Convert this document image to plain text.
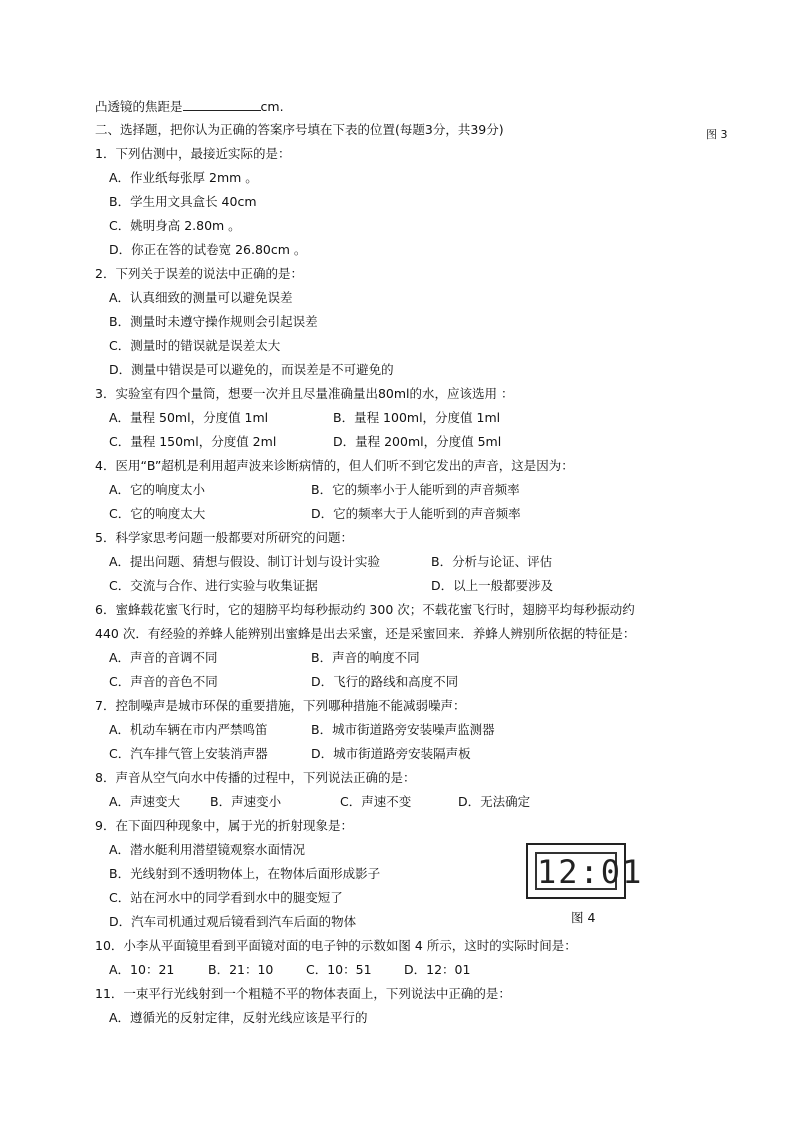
凸透镜的焦距是	cm.
二、选择题，把你认为正确的答案序号填在下表的位置(每题3分，共39分)	图 3
1．下列估测中，最接近实际的是：
A．作业纸每张厚 2mm 。
B．学生用文具盒长 40cm
C．姚明身高 2.80m 。
D．你正在答的试卷宽 26.80cm 。
2．下列关于误差的说法中正确的是：
A．认真细致的测量可以避免误差
B．测量时未遵守操作规则会引起误差
C．测量时的错误就是误差太大
D．测量中错误是可以避免的，而误差是不可避免的
3．实验室有四个量筒，想要一次并且尽量准确量出80ml的水，应该选用 ：
A．量程 50ml，分度值 1ml	B．量程 100ml，分度值 1ml
C．量程 150ml，分度值 2ml	D．量程 200ml，分度值 5ml
4．医用“B”超机是利用超声波来诊断病情的，但人们听不到它发出的声音，这是因为：
A．它的响度太小	B．它的频率小于人能听到的声音频率
C．它的响度太大	D．它的频率大于人能听到的声音频率
5．科学家思考问题一般都要对所研究的问题：
A．提出问题、猜想与假设、制订计划与设计实验	B．分析与论证、评估
C．交流与合作、进行实验与收集证据	D．以上一般都要涉及
6．蜜蜂载花蜜飞行时，它的翅膀平均每秒振动约 300 次；不载花蜜飞行时，翅膀平均每秒振动约
440 次．有经验的养蜂人能辨别出蜜蜂是出去采蜜，还是采蜜回来．养蜂人辨别所依据的特征是：
A．声音的音调不同	B．声音的响度不同
C．声音的音色不同	D．飞行的路线和高度不同
7．控制噪声是城市环保的重要措施，下列哪种措施不能减弱噪声：
A．机动车辆在市内严禁鸣笛	B．城市街道路旁安装噪声监测器
C．汽车排气管上安装消声器	D．城市街道路旁安装隔声板
8．声音从空气向水中传播的过程中，下列说法正确的是：
A．声速变大 B．声速变小	C．声速不变	D．无法确定
9．在下面四种现象中，属于光的折射现象是：
A．潜水艇利用潜望镜观察水面情况
B．光线射到不透明物体上，在物体后面形成影子
C．站在河水中的同学看到水中的腿变短了
D．汽车司机通过观后镜看到汽车后面的物体
12:01
图 4
10．小李从平面镜里看到平面镜对面的电子钟的示数如图 4 所示，这时的实际时间是：
A．10：21	B．21：10	C．10：51	D．12：01
11．一束平行光线射到一个粗糙不平的物体表面上，下列说法中正确的是：
A．遵循光的反射定律，反射光线应该是平行的
